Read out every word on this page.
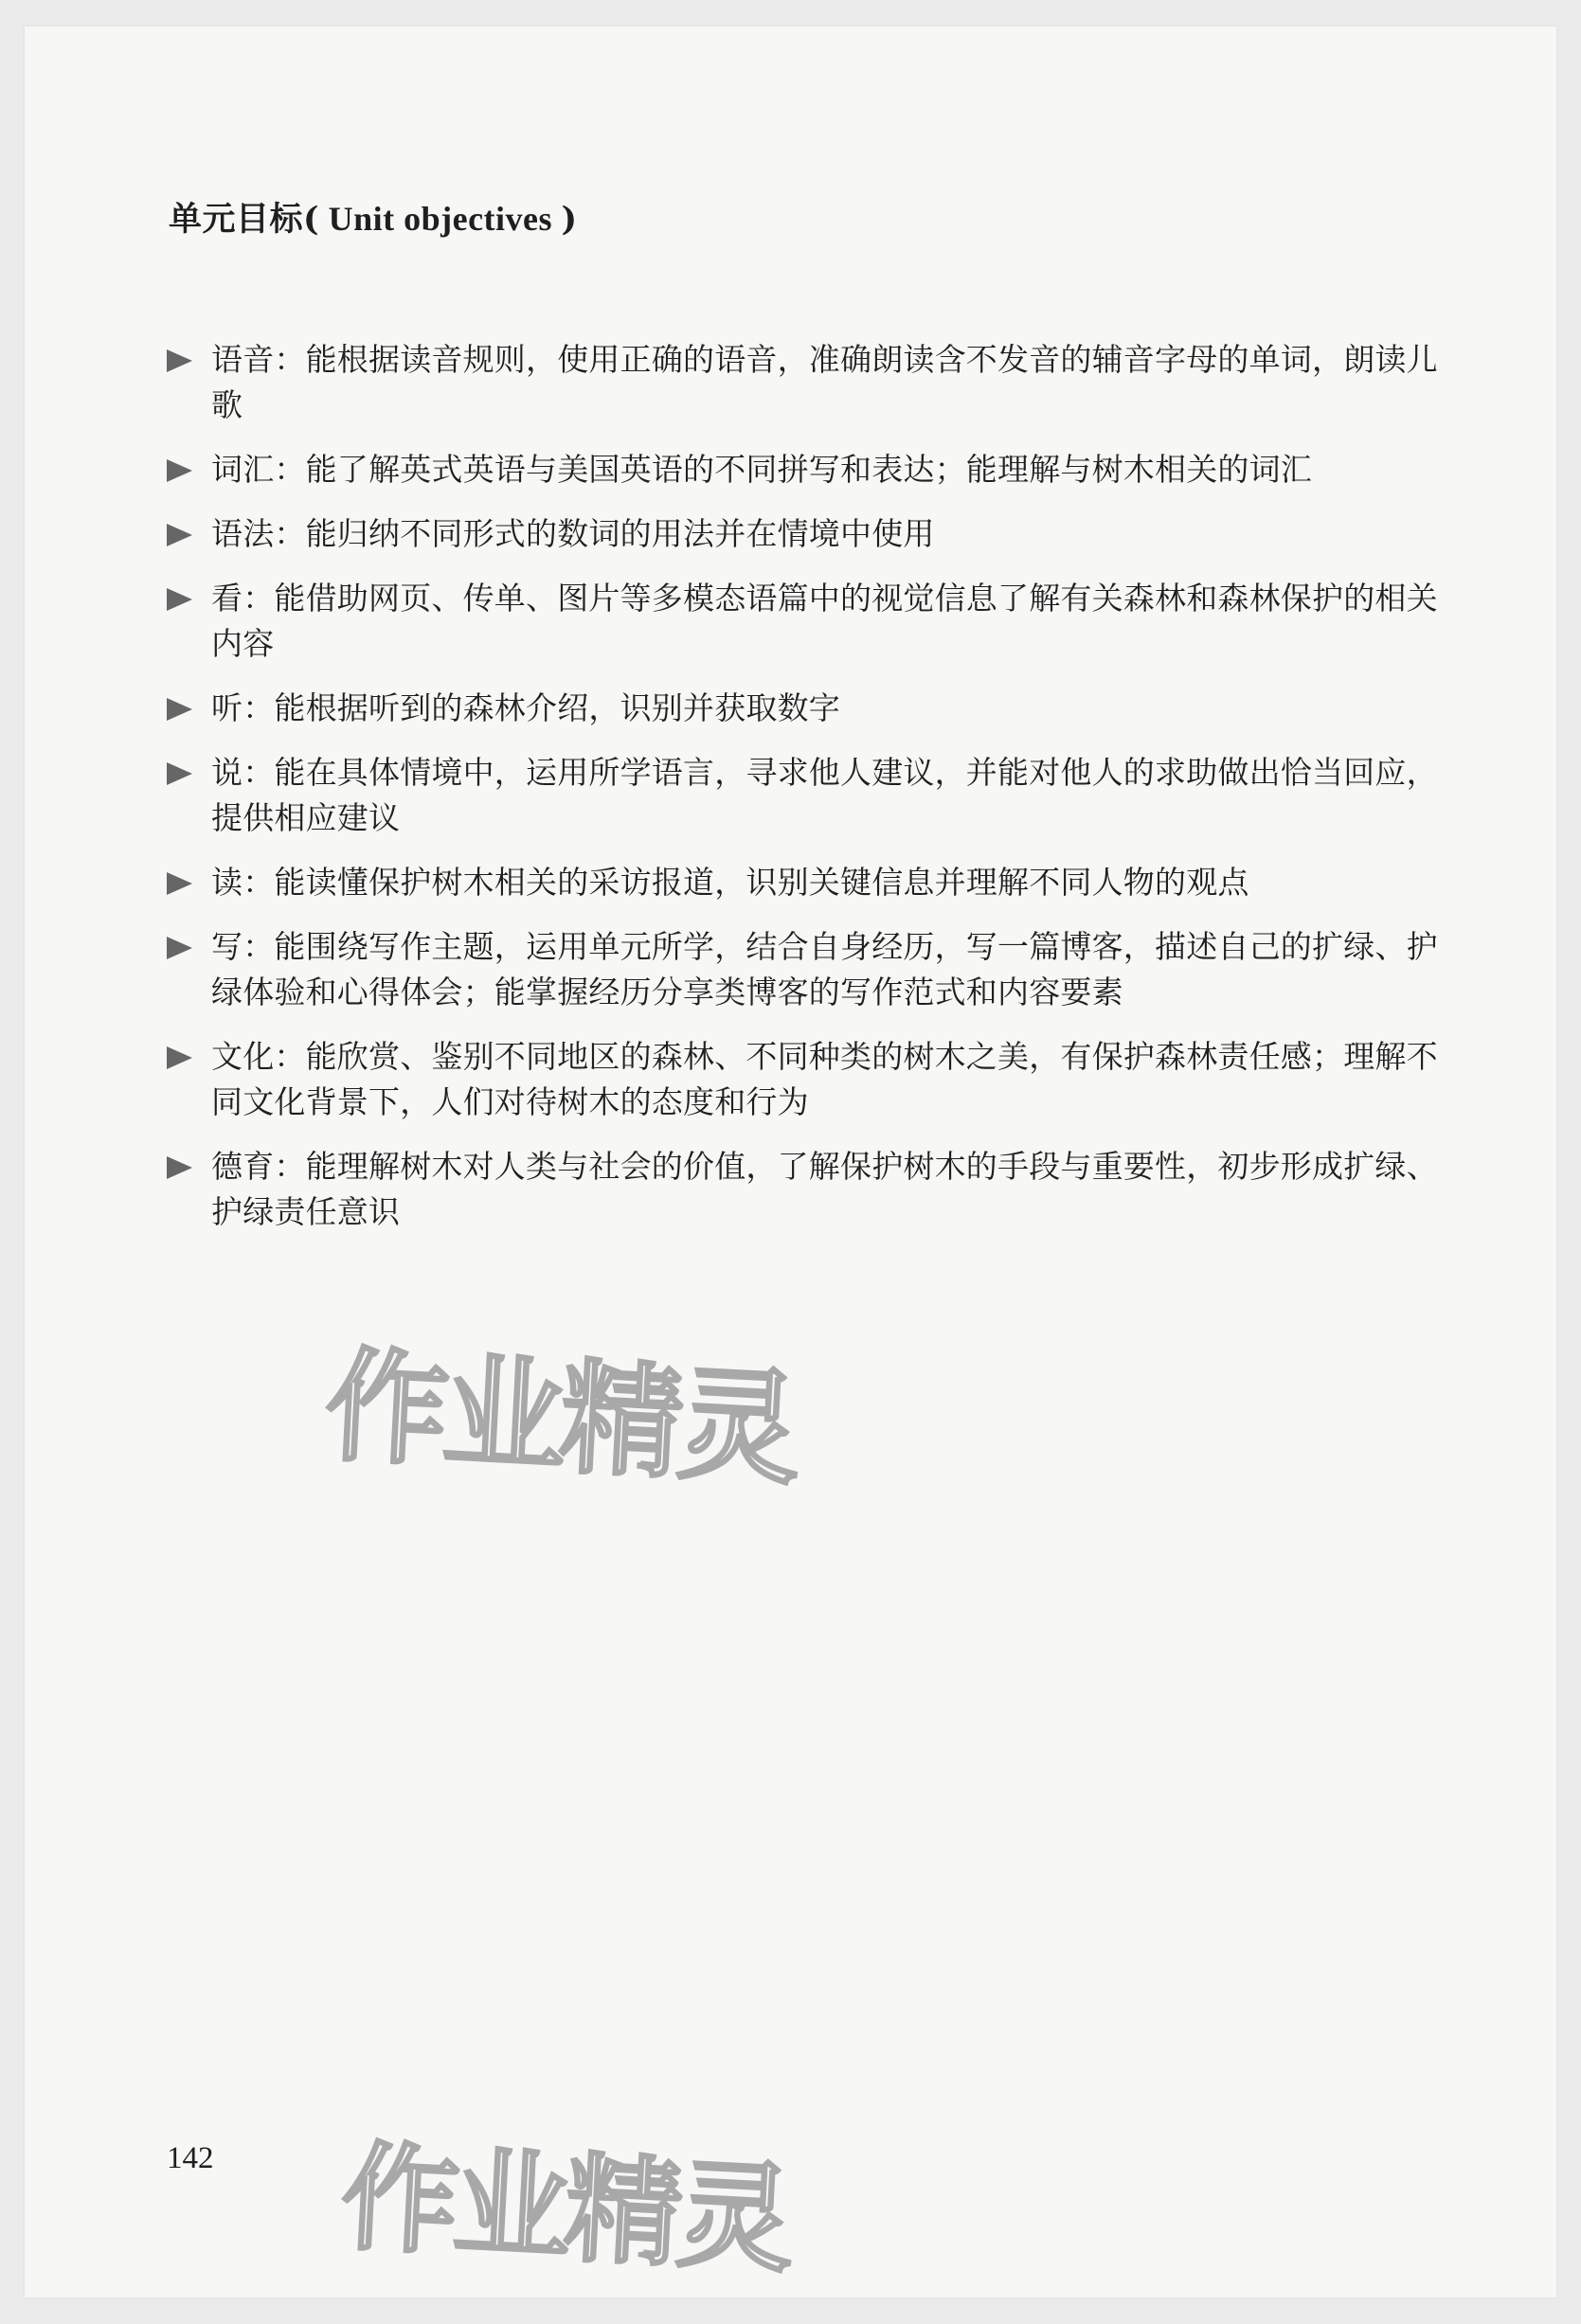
单元目标( Unit objectives )
语音：能根据读音规则，使用正确的语音，准确朗读含不发音的辅音字母的单词，朗读儿歌
词汇：能了解英式英语与美国英语的不同拼写和表达；能理解与树木相关的词汇
语法：能归纳不同形式的数词的用法并在情境中使用
看：能借助网页、传单、图片等多模态语篇中的视觉信息了解有关森林和森林保护的相关内容
听：能根据听到的森林介绍，识别并获取数字
说：能在具体情境中，运用所学语言，寻求他人建议，并能对他人的求助做出恰当回应，提供相应建议
读：能读懂保护树木相关的采访报道，识别关键信息并理解不同人物的观点
写：能围绕写作主题，运用单元所学，结合自身经历，写一篇博客，描述自己的扩绿、护绿体验和心得体会；能掌握经历分享类博客的写作范式和内容要素
文化：能欣赏、鉴别不同地区的森林、不同种类的树木之美，有保护森林责任感；理解不同文化背景下，人们对待树木的态度和行为
德育：能理解树木对人类与社会的价值，了解保护树木的手段与重要性，初步形成扩绿、护绿责任意识
作业精灵
142 作业精灵
